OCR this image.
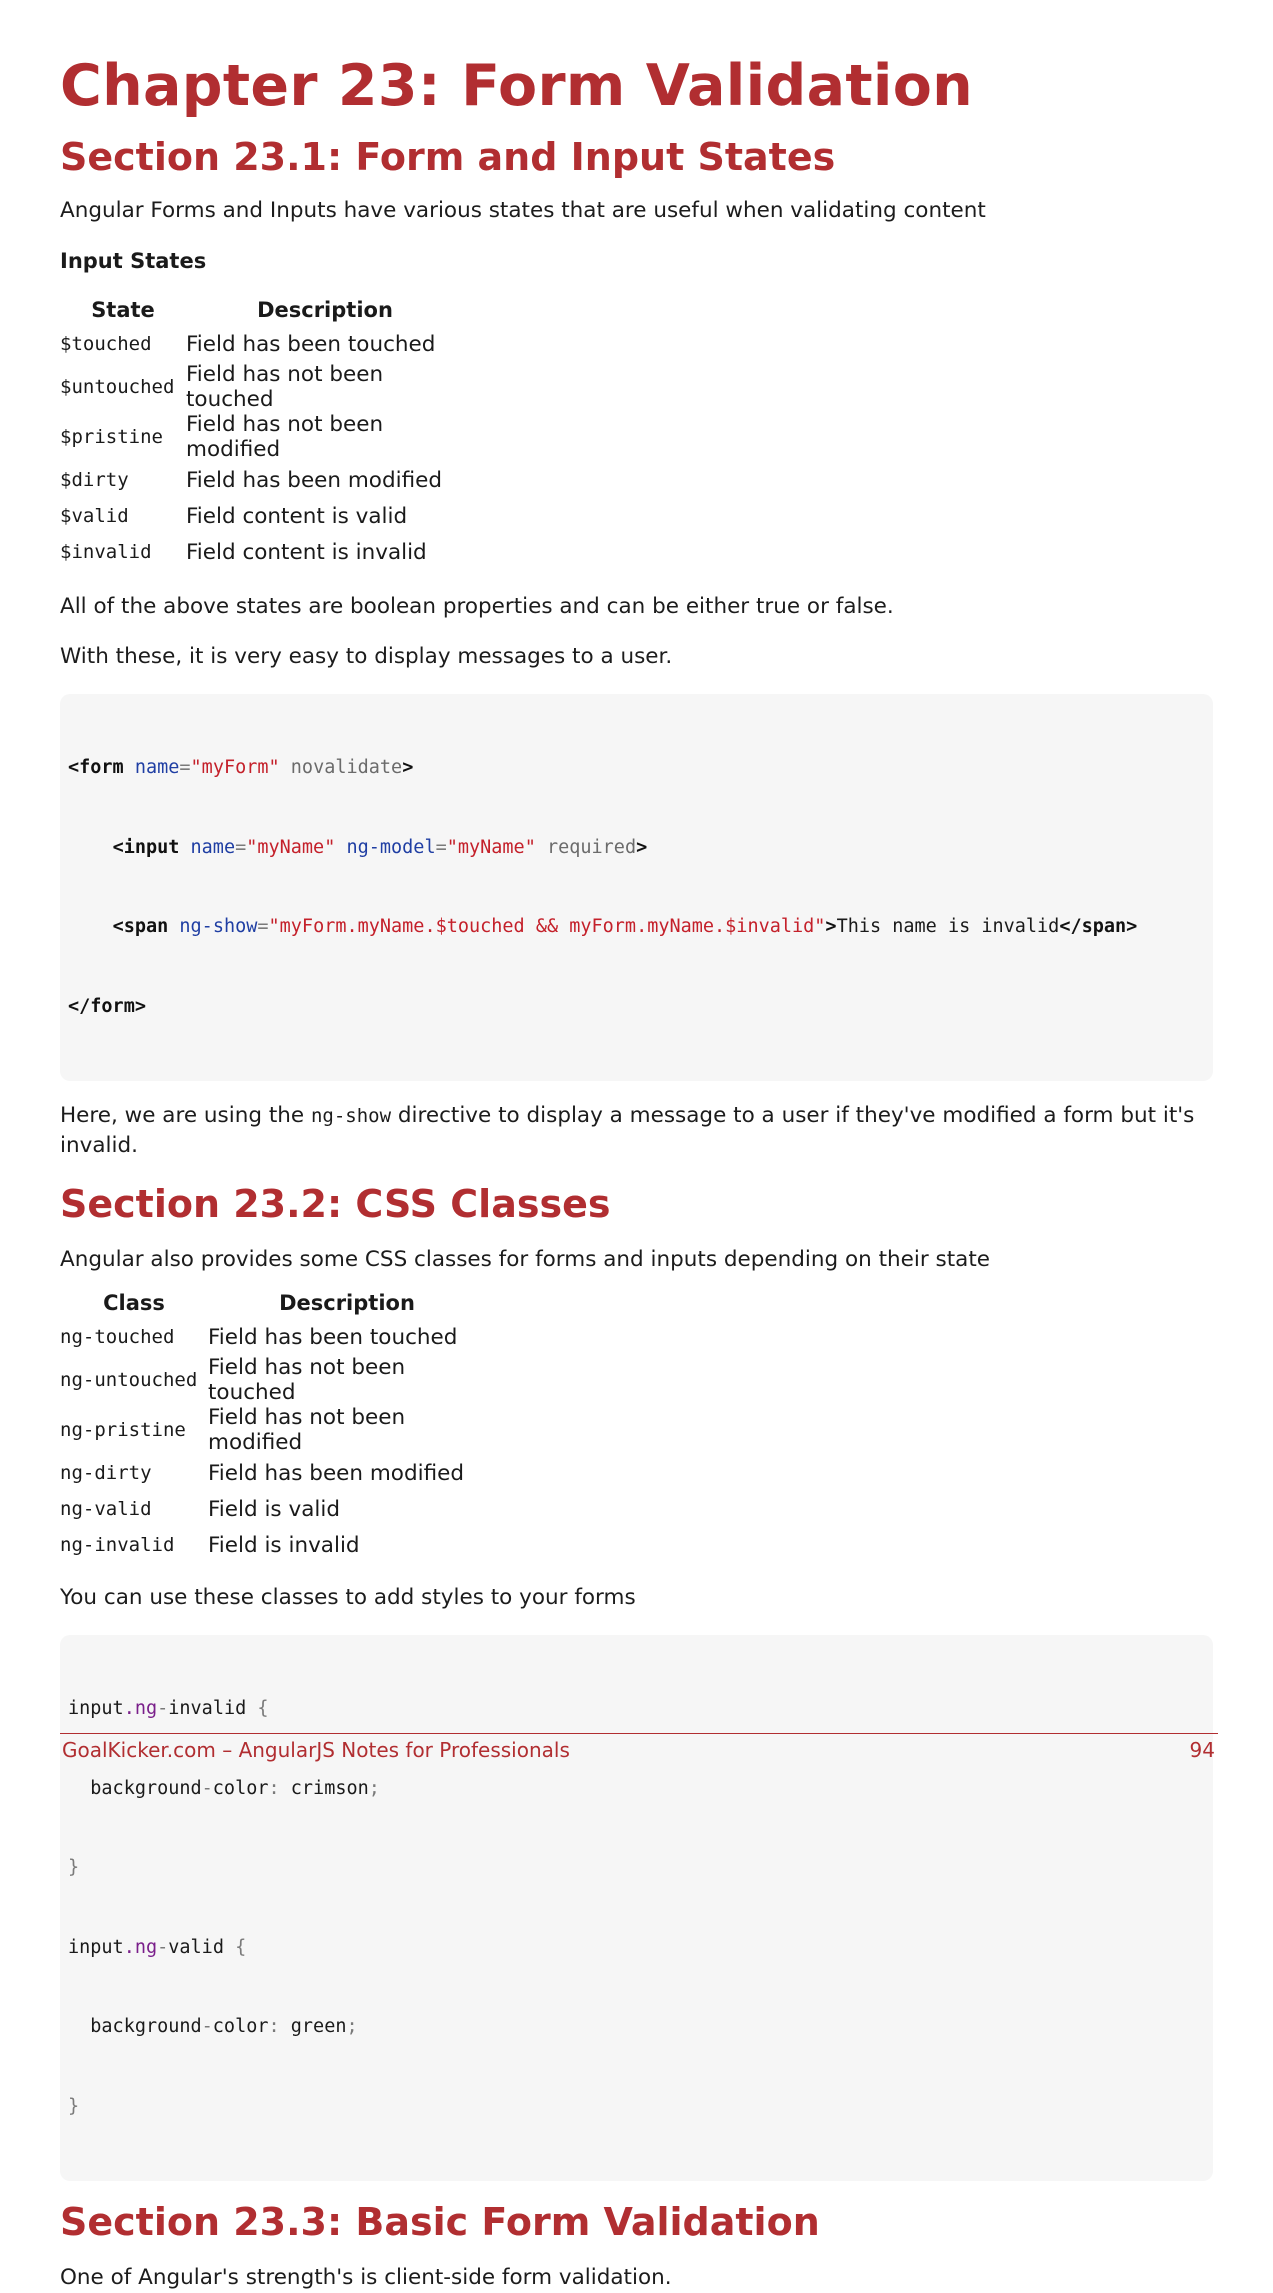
Chapter 23: Form Validation
Section 23.1: Form and Input States

Angular Forms and Inputs have various states that are useful when validating content

Input States

State	Description
$touched	Field has been touched
$untouched	Field has not been touched
$pristine	Field has not been modified
$dirty	Field has been modified
$valid	Field content is valid
$invalid	Field content is invalid

All of the above states are boolean properties and can be either true or false.

With these, it is very easy to display messages to a user.

<form name="myForm" novalidate>

<input name="myName" ng-model="myName" required>

<span ng-show="myForm.myName.$touched && myForm.myName.$invalid">This name is invalid</span>

</form>

Here, we are using the ng-show directive to display a message to a user if they've modified a form but it's invalid.

Section 23.2: CSS Classes

Angular also provides some CSS classes for forms and inputs depending on their state

Class	Description
ng-touched	Field has been touched
ng-untouched	Field has not been touched
ng-pristine	Field has not been modified
ng-dirty	Field has been modified
ng-valid	Field is valid
ng-invalid	Field is invalid

You can use these classes to add styles to your forms

input.ng-invalid {

background-color: crimson;

}

input.ng-valid {

background-color: green;

}

Section 23.3: Basic Form Validation

One of Angular's strength's is client-side form validation.

GoalKicker.com – AngularJS Notes for Professionals	94
